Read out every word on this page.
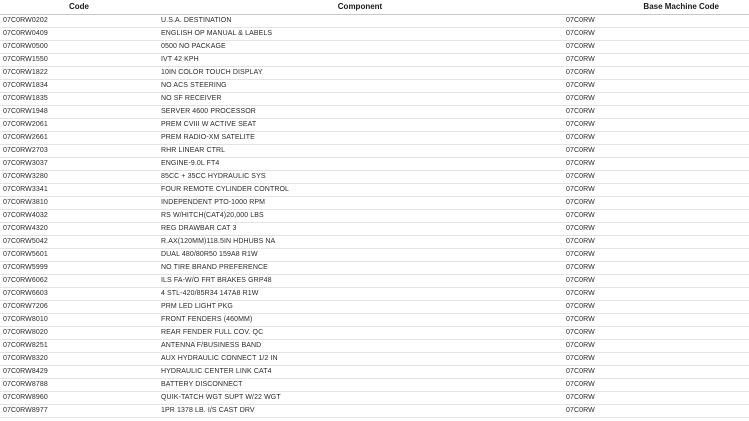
Code	Component	Base Machine Code
07C0RW0202	U.S.A. DESTINATION	07C0RW
07C0RW0409	ENGLISH OP MANUAL & LABELS	07C0RW
07C0RW0500	0500 NO PACKAGE	07C0RW
07C0RW1550	IVT 42 KPH	07C0RW
07C0RW1822	10IN COLOR TOUCH DISPLAY	07C0RW
07C0RW1834	NO ACS STEERING	07C0RW
07C0RW1835	NO SF RECEIVER	07C0RW
07C0RW1948	SERVER 4600 PROCESSOR	07C0RW
07C0RW2061	PREM CVIII W ACTIVE SEAT	07C0RW
07C0RW2661	PREM RADIO-XM SATELITE	07C0RW
07C0RW2703	RHR LINEAR CTRL	07C0RW
07C0RW3037	ENGINE-9.0L FT4	07C0RW
07C0RW3280	85CC + 35CC HYDRAULIC SYS	07C0RW
07C0RW3341	FOUR REMOTE CYLINDER CONTROL	07C0RW
07C0RW3810	INDEPENDENT PTO-1000 RPM	07C0RW
07C0RW4032	RS W/HITCH(CAT4)20,000 LBS	07C0RW
07C0RW4320	REG DRAWBAR CAT 3	07C0RW
07C0RW5042	R.AX(120MM)118.5IN HDHUBS NA	07C0RW
07C0RW5601	DUAL 480/80R50 159A8 R1W	07C0RW
07C0RW5999	NO TIRE BRAND PREFERENCE	07C0RW
07C0RW6062	ILS FA-W/O FRT BRAKES GRP48	07C0RW
07C0RW6603	4 STL-420/85R34 147A8 R1W	07C0RW
07C0RW7206	PRM LED LIGHT PKG	07C0RW
07C0RW8010	FRONT FENDERS (460MM)	07C0RW
07C0RW8020	REAR FENDER FULL COV. QC	07C0RW
07C0RW8251	ANTENNA F/BUSINESS BAND	07C0RW
07C0RW8320	AUX HYDRAULIC CONNECT 1/2 IN	07C0RW
07C0RW8429	HYDRAULIC CENTER LINK CAT4	07C0RW
07C0RW8788	BATTERY DISCONNECT	07C0RW
07C0RW8960	QUIK-TATCH WGT SUPT W/22 WGT	07C0RW
07C0RW8977	1PR 1378 LB. I/S CAST DRV	07C0RW
